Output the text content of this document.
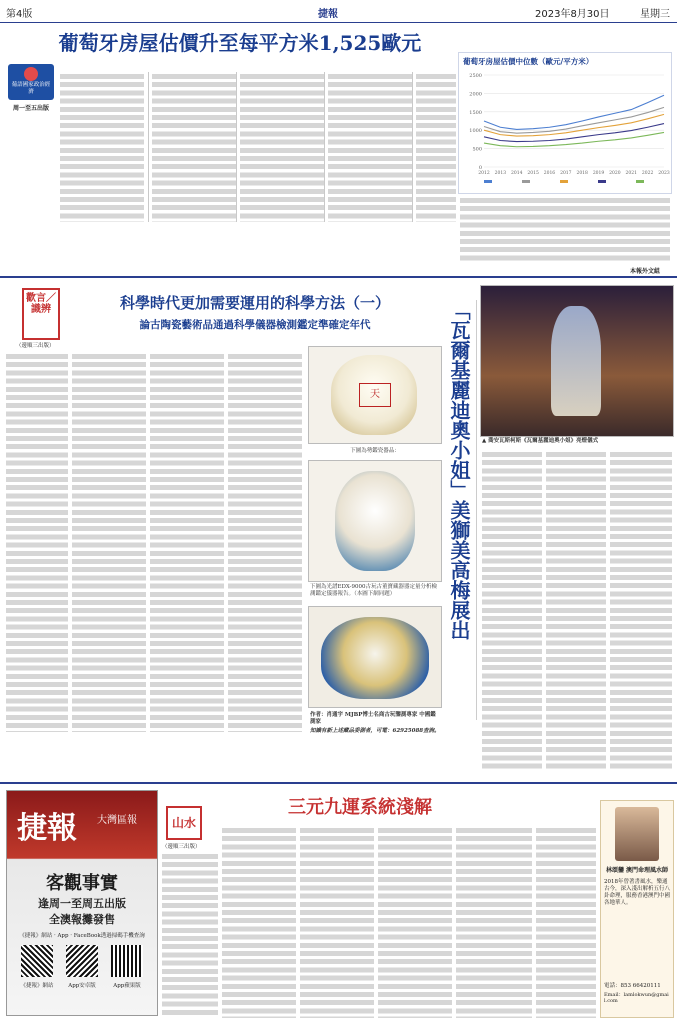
第4版	捷報	2023年8月30日	星期三
葡萄牙房屋估價升至每平方米1,525歐元
葡語國家政治經濟
周一至五出版
葡萄牙房屋估價中位數（歐元/平方米）
0
500
1000
1500
2000
2500
2012 2013 2014 2015 2016 2017 2018 2019 2020 2021 2022 2023
本報外文組
歡言／識辨
（邊順三出版）
科學時代更加需要運用的科學方法（一）
論古陶瓷藝術品通過科學儀器檢測鑑定準確定年代
天
下圖為勢鑑瓷器品：
下圖為光譜EDX-9000古玩古董寶藏器器定量分析檢測鑑定儀器報告。（本圖下網同題）
作者：肖通宇 MJBP博士名商古玩鑒測專家 中國鑑測家
知識有新上述藏品委測者，可電：62925088查詢。
「瓦爾基麗迪奧小姐」美獅美高梅展出 ▲ 喬安瓦斯柯斯《瓦爾基麗迪奧小姐》亮燈儀式
捷報 大灣區報
客觀事實
逢周一至周五出版
全澳報攤發售
《捷報》網站 · App · FaceBook透過掃碼手機查詢
《捷報》網站	App安卓版	App蘋果版
三元九運系統淺解
山水
（邊順三出版）
林頌鑾 澳門命理風水師
2018年曾著書風水，樂通古今，深入淺出解析五行八卦命理，服務香港澳門中國各地華人。
電話：853 66420111
Email：lamlokwun@gmail.com
